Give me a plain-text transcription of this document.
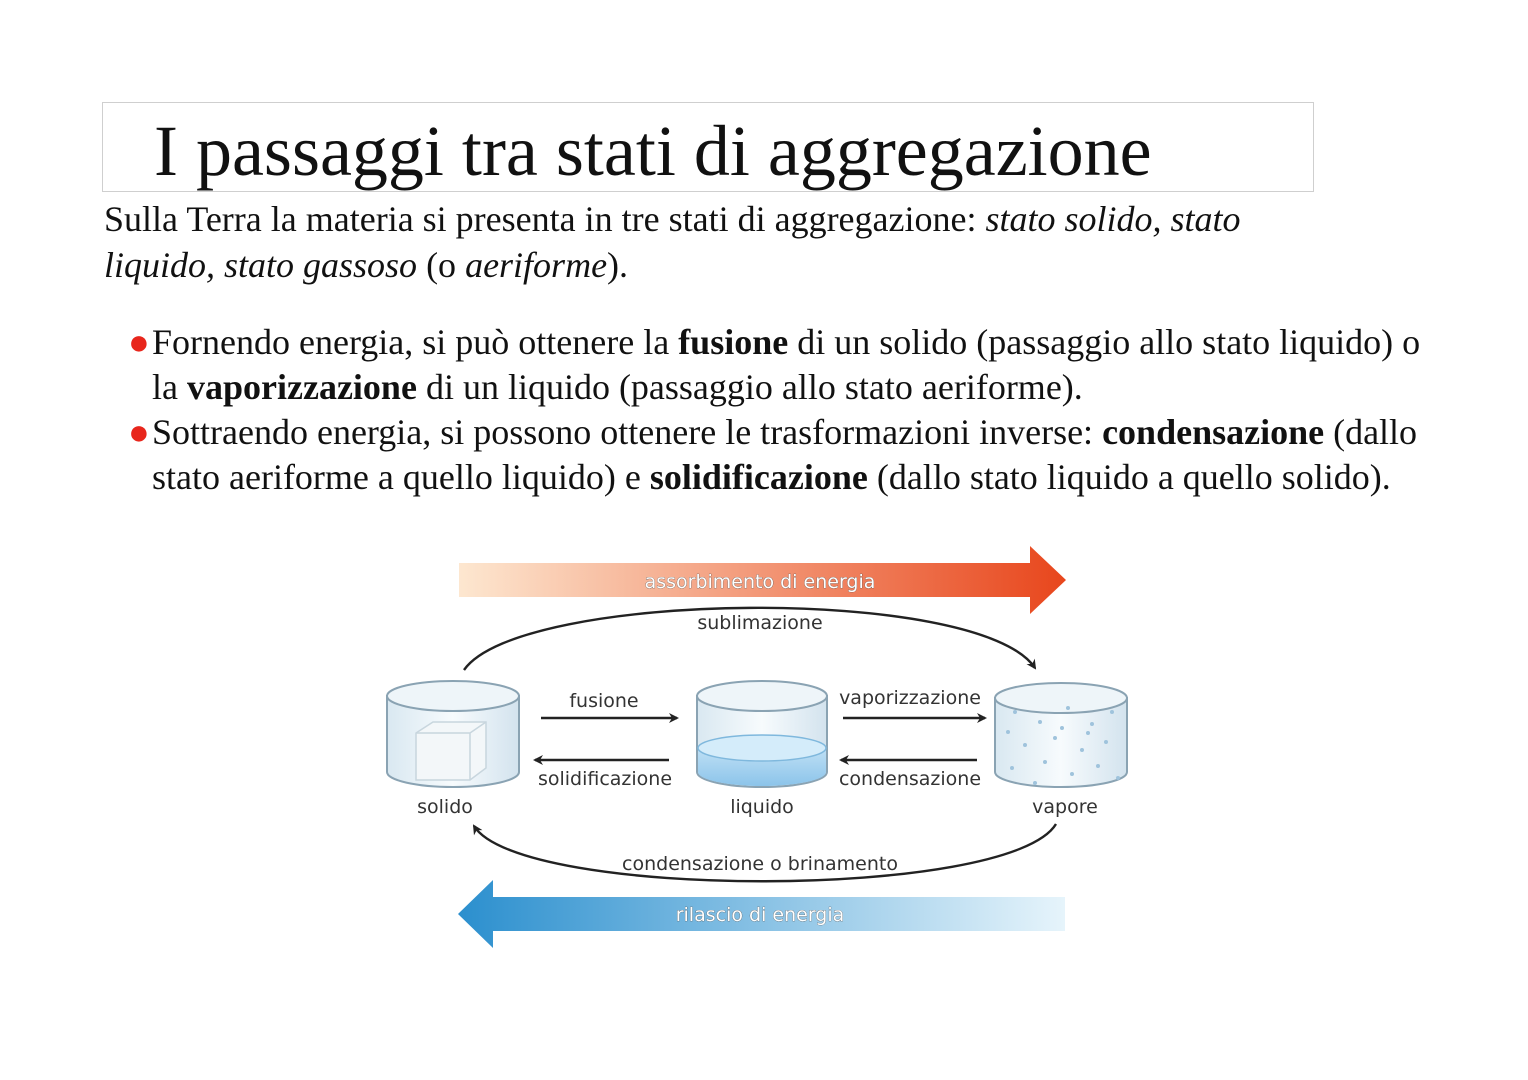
I passaggi tra stati di aggregazione

Sulla Terra la materia si presenta in tre stati di aggregazione: stato solido, stato liquido, stato gassoso (o aeriforme).

●Fornendo energia, si può ottenere la fusione di un solido (passaggio allo stato liquido) o la vaporizzazione di un liquido (passaggio allo stato aeriforme).
●Sottraendo energia, si possono ottenere le trasformazioni inverse: condensazione (dallo stato aeriforme a quello liquido) e solidificazione (dallo stato liquido a quello solido).
assorbimento di energia
sublimazione
solido	liquido	vapore
fusione
solidificazione
vaporizzazione
condensazione
condensazione o brinamento
rilascio di energia
